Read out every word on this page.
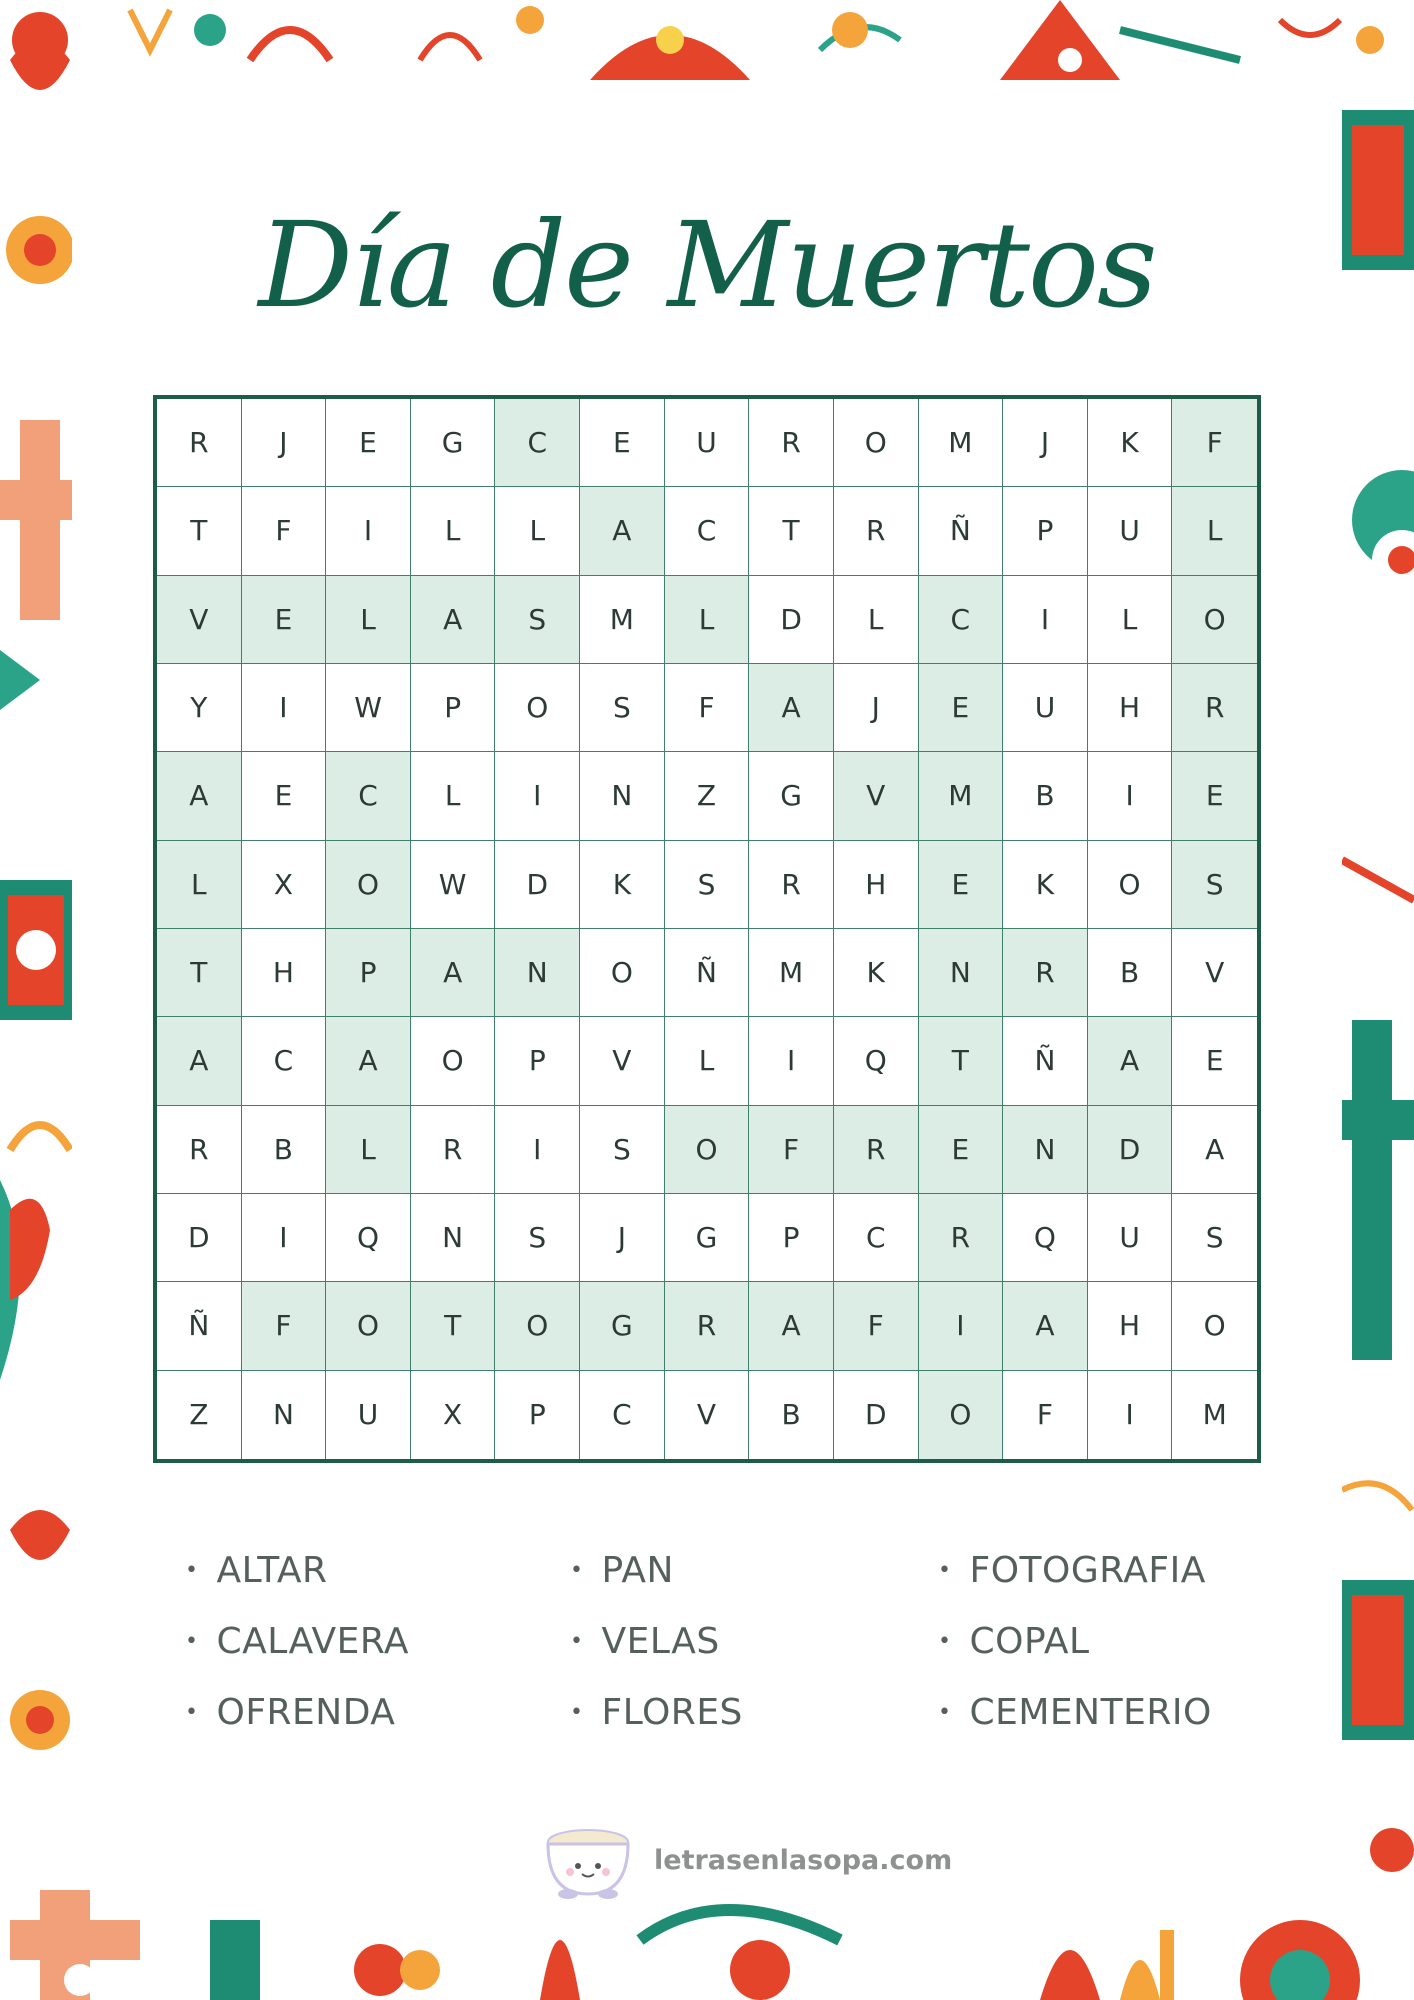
Día de Muertos
R	J	E	G	C	E	U	R	O	M	J	K	F
T	F	I	L	L	A	C	T	R	Ñ	P	U	L
V	E	L	A	S	M	L	D	L	C	I	L	O
Y	I	W	P	O	S	F	A	J	E	U	H	R
A	E	C	L	I	N	Z	G	V	M	B	I	E
L	X	O	W	D	K	S	R	H	E	K	O	S
T	H	P	A	N	O	Ñ	M	K	N	R	B	V
A	C	A	O	P	V	L	I	Q	T	Ñ	A	E
R	B	L	R	I	S	O	F	R	E	N	D	A
D	I	Q	N	S	J	G	P	C	R	Q	U	S
Ñ	F	O	T	O	G	R	A	F	I	A	H	O
Z	N	U	X	P	C	V	B	D	O	F	I	M
• ALTAR	• PAN	• FOTOGRAFIA
• CALAVERA	• VELAS	• COPAL
• OFRENDA	• FLORES	• CEMENTERIO
letrasenlasopa.com
